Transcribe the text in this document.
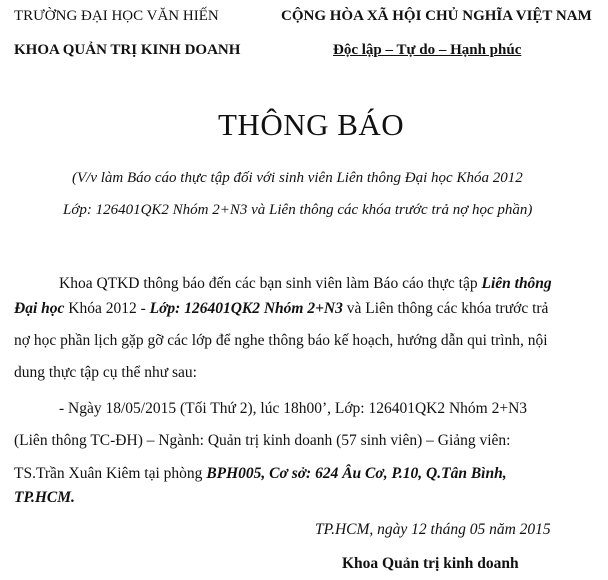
TRƯỜNG ĐẠI HỌC VĂN HIẾN
KHOA QUẢN TRỊ KINH DOANH
CỘNG HÒA XÃ HỘI CHỦ NGHĨA VIỆT NAM
Độc lập – Tự do – Hạnh phúc
THÔNG BÁO
(V/v làm Báo cáo thực tập đối với sinh viên Liên thông Đại học Khóa 2012
Lớp: 126401QK2 Nhóm 2+N3 và Liên thông các khóa trước trả nợ học phần)
Khoa QTKD thông báo đến các bạn sinh viên làm Báo cáo thực tập Liên thông
Đại học Khóa 2012 - Lớp: 126401QK2 Nhóm 2+N3 và Liên thông các khóa trước trả
nợ học phần lịch gặp gỡ các lớp để nghe thông báo kế hoạch, hướng dẫn qui trình, nội
dung thực tập cụ thể như sau:
- Ngày 18/05/2015 (Tối Thứ 2), lúc 18h00’, Lớp: 126401QK2 Nhóm 2+N3
(Liên thông TC-ĐH) – Ngành: Quản trị kinh doanh (57 sinh viên) – Giảng viên:
TS.Trần Xuân Kiêm tại phòng BPH005, Cơ sở: 624 Âu Cơ, P.10, Q.Tân Bình,
TP.HCM.
TP.HCM, ngày 12 tháng 05 năm 2015
Khoa Quản trị kinh doanh
